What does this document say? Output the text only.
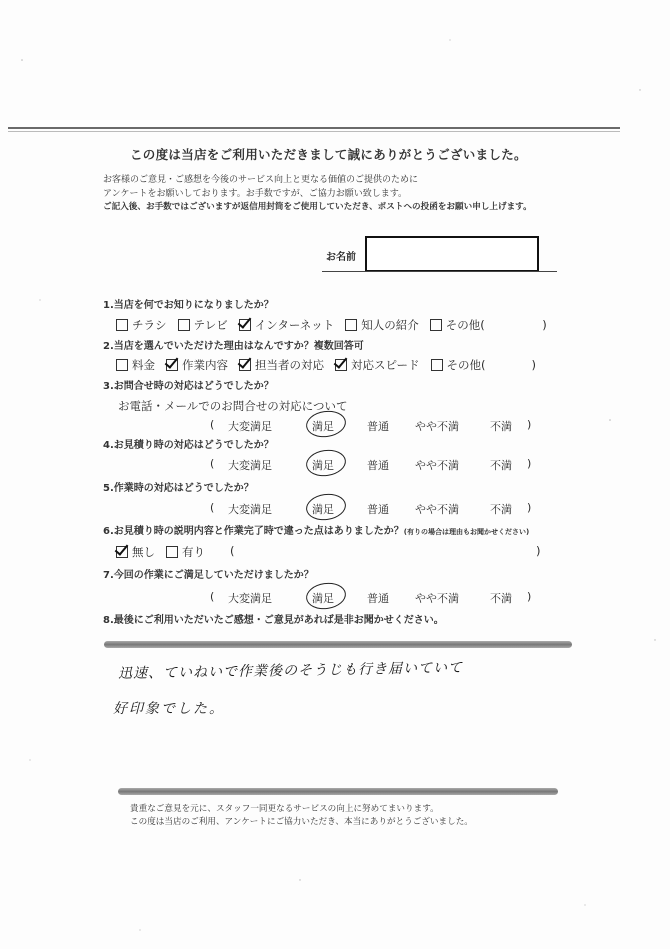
この度は当店をご利用いただきまして誠にありがとうございました。
お客様のご意見・ご感想を今後のサービス向上と更なる価値のご提供のために
アンケートをお願いしております。お手数ですが、ご協力お願い致します。
ご記入後、お手数ではございますが返信用封筒をご使用していただき、ポストへの投函をお願い申し上げます。
お名前
1.当店を何でお知りになりましたか？
チラシ テレビ インターネット 知人の紹介 その他(　　　　　)
2.当店を選んでいただけた理由はなんですか？複数回答可
料金 作業内容 担当者の対応 対応スピード その他(　　　　)
3.お問合せ時の対応はどうでしたか？
お電話・メールでのお問合せの対応について
( 大変満足	満足	普通 やや不満	不満 )
4.お見積り時の対応はどうでしたか？
( 大変満足	満足	普通 やや不満	不満 )
5.作業時の対応はどうでしたか？
( 大変満足	満足	普通 やや不満	不満 )
6.お見積り時の説明内容と作業完了時で違った点はありましたか？(有りの場合は理由もお聞かせください)
無し 有り (	)
7.今回の作業にご満足していただけましたか？
( 大変満足	満足	普通 やや不満	不満 )
8.最後にご利用いただいたご感想・ご意見があれば是非お聞かせください。
迅速、ていねいで作業後のそうじも行き届いていて
好印象でした。
貴重なご意見を元に、スタッフ一同更なるサービスの向上に努めてまいります。
この度は当店のご利用、アンケートにご協力いただき、本当にありがとうございました。
